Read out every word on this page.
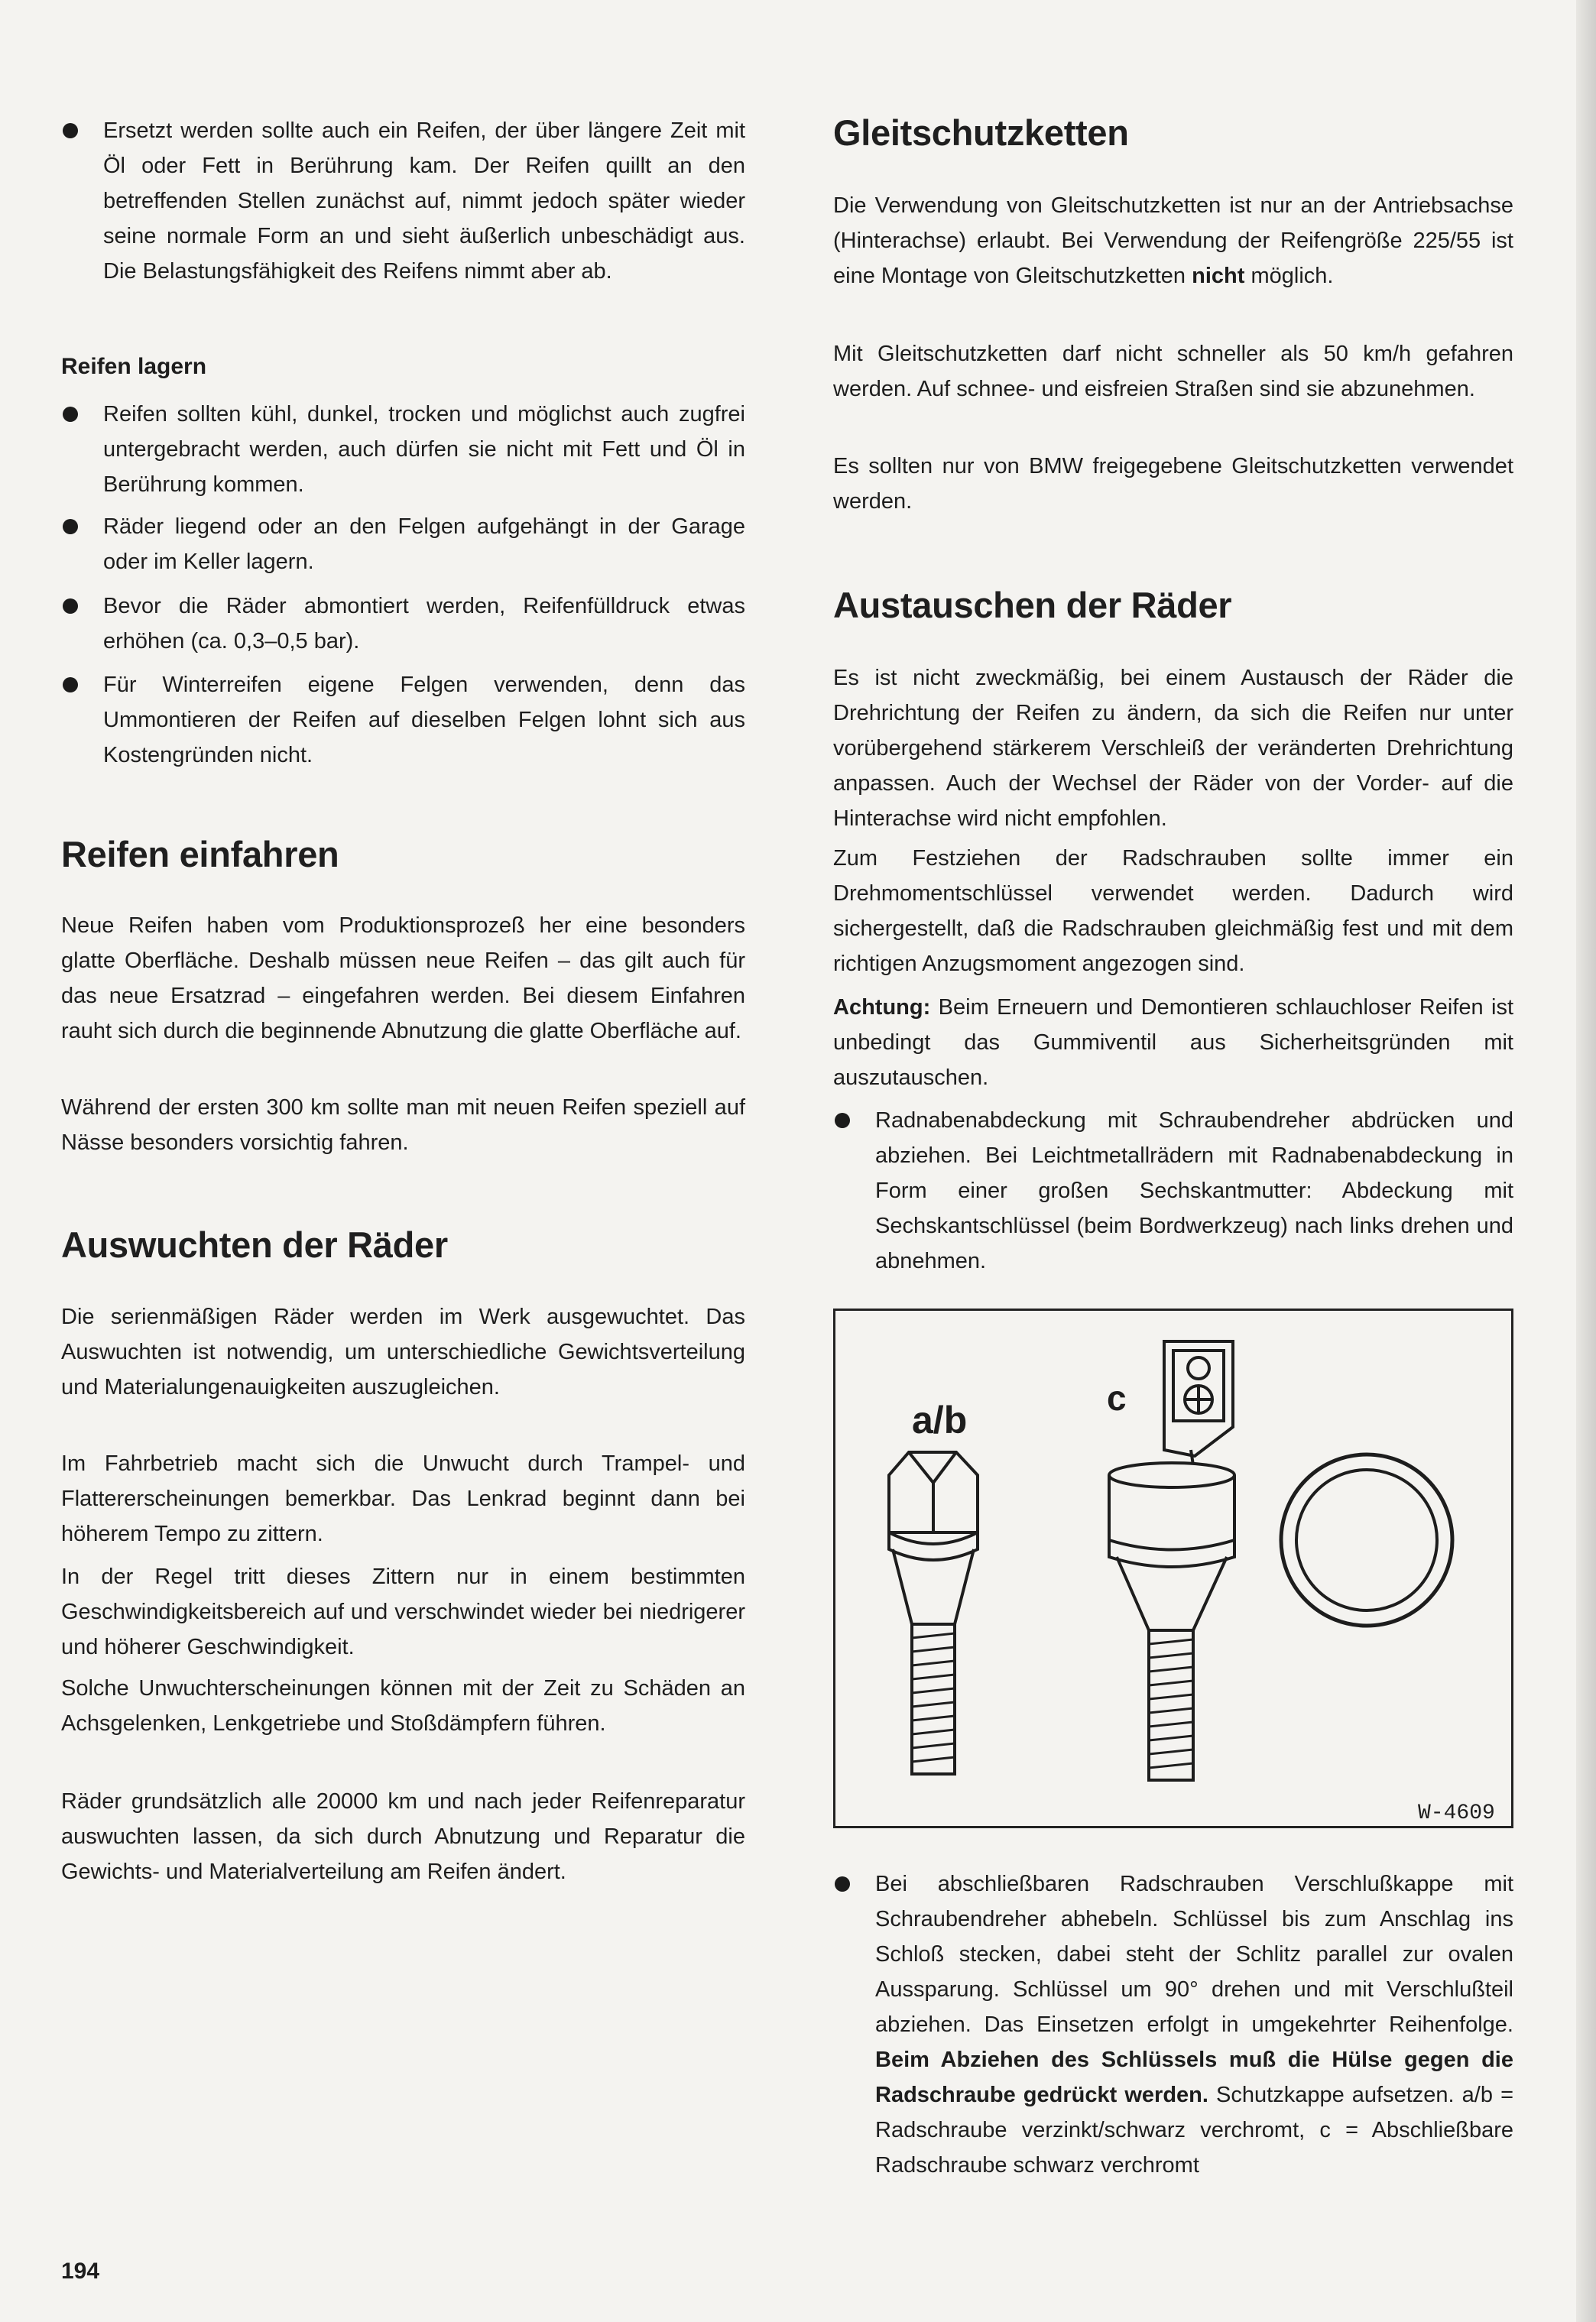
Ersetzt werden sollte auch ein Reifen, der über längere Zeit mit Öl oder Fett in Berührung kam. Der Reifen quillt an den betreffenden Stellen zunächst auf, nimmt jedoch später wieder seine normale Form an und sieht äußerlich unbeschädigt aus. Die Belastungsfähigkeit des Reifens nimmt aber ab.
Reifen lagern
Reifen sollten kühl, dunkel, trocken und möglichst auch zugfrei untergebracht werden, auch dürfen sie nicht mit Fett und Öl in Berührung kommen.
Räder liegend oder an den Felgen aufgehängt in der Garage oder im Keller lagern.
Bevor die Räder abmontiert werden, Reifenfülldruck etwas erhöhen (ca. 0,3–0,5 bar).
Für Winterreifen eigene Felgen verwenden, denn das Ummontieren der Reifen auf dieselben Felgen lohnt sich aus Kostengründen nicht.
Reifen einfahren

Neue Reifen haben vom Produktionsprozeß her eine besonders glatte Oberfläche. Deshalb müssen neue Reifen – das gilt auch für das neue Ersatzrad – eingefahren werden. Bei diesem Einfahren rauht sich durch die beginnende Abnutzung die glatte Oberfläche auf.

Während der ersten 300 km sollte man mit neuen Reifen speziell auf Nässe besonders vorsichtig fahren.

Auswuchten der Räder

Die serienmäßigen Räder werden im Werk ausgewuchtet. Das Auswuchten ist notwendig, um unterschiedliche Gewichtsverteilung und Materialungenauigkeiten auszugleichen.

Im Fahrbetrieb macht sich die Unwucht durch Trampel- und Flattererscheinungen bemerkbar. Das Lenkrad beginnt dann bei höherem Tempo zu zittern.

In der Regel tritt dieses Zittern nur in einem bestimmten Geschwindigkeitsbereich auf und verschwindet wieder bei niedrigerer und höherer Geschwindigkeit.

Solche Unwuchterscheinungen können mit der Zeit zu Schäden an Achsgelenken, Lenkgetriebe und Stoßdämpfern führen.

Räder grundsätzlich alle 20000 km und nach jeder Reifenreparatur auswuchten lassen, da sich durch Abnutzung und Reparatur die Gewichts- und Materialverteilung am Reifen ändert.

Gleitschutzketten

Die Verwendung von Gleitschutzketten ist nur an der Antriebsachse (Hinterachse) erlaubt. Bei Verwendung der Reifengröße 225/55 ist eine Montage von Gleitschutzketten nicht möglich.

Mit Gleitschutzketten darf nicht schneller als 50 km/h gefahren werden. Auf schnee- und eisfreien Straßen sind sie abzunehmen.

Es sollten nur von BMW freigegebene Gleitschutzketten verwendet werden.

Austauschen der Räder

Es ist nicht zweckmäßig, bei einem Austausch der Räder die Drehrichtung der Reifen zu ändern, da sich die Reifen nur unter vorübergehend stärkerem Verschleiß der veränderten Drehrichtung anpassen. Auch der Wechsel der Räder von der Vorder- auf die Hinterachse wird nicht empfohlen.

Zum Festziehen der Radschrauben sollte immer ein Drehmomentschlüssel verwendet werden. Dadurch wird sichergestellt, daß die Radschrauben gleichmäßig fest und mit dem richtigen Anzugsmoment angezogen sind.

Achtung: Beim Erneuern und Demontieren schlauchloser Reifen ist unbedingt das Gummiventil aus Sicherheitsgründen mit auszutauschen.

Radnabenabdeckung mit Schraubendreher abdrücken und abziehen. Bei Leichtmetallrädern mit Radnabenabdeckung in Form einer großen Sechskantmutter: Abdeckung mit Sechskantschlüssel (beim Bordwerkzeug) nach links drehen und abnehmen.
Bei abschließbaren Radschrauben Verschlußkappe mit Schraubendreher abhebeln. Schlüssel bis zum Anschlag ins Schloß stecken, dabei steht der Schlitz parallel zur ovalen Aussparung. Schlüssel um 90° drehen und mit Verschlußteil abziehen. Das Einsetzen erfolgt in umgekehrter Reihenfolge. Beim Abziehen des Schlüssels muß die Hülse gegen die Radschraube gedrückt werden. Schutzkappe aufsetzen. a/b = Radschraube verzinkt/schwarz verchromt, c = Abschließbare Radschraube schwarz verchromt
a/b
c
W-4609
194
